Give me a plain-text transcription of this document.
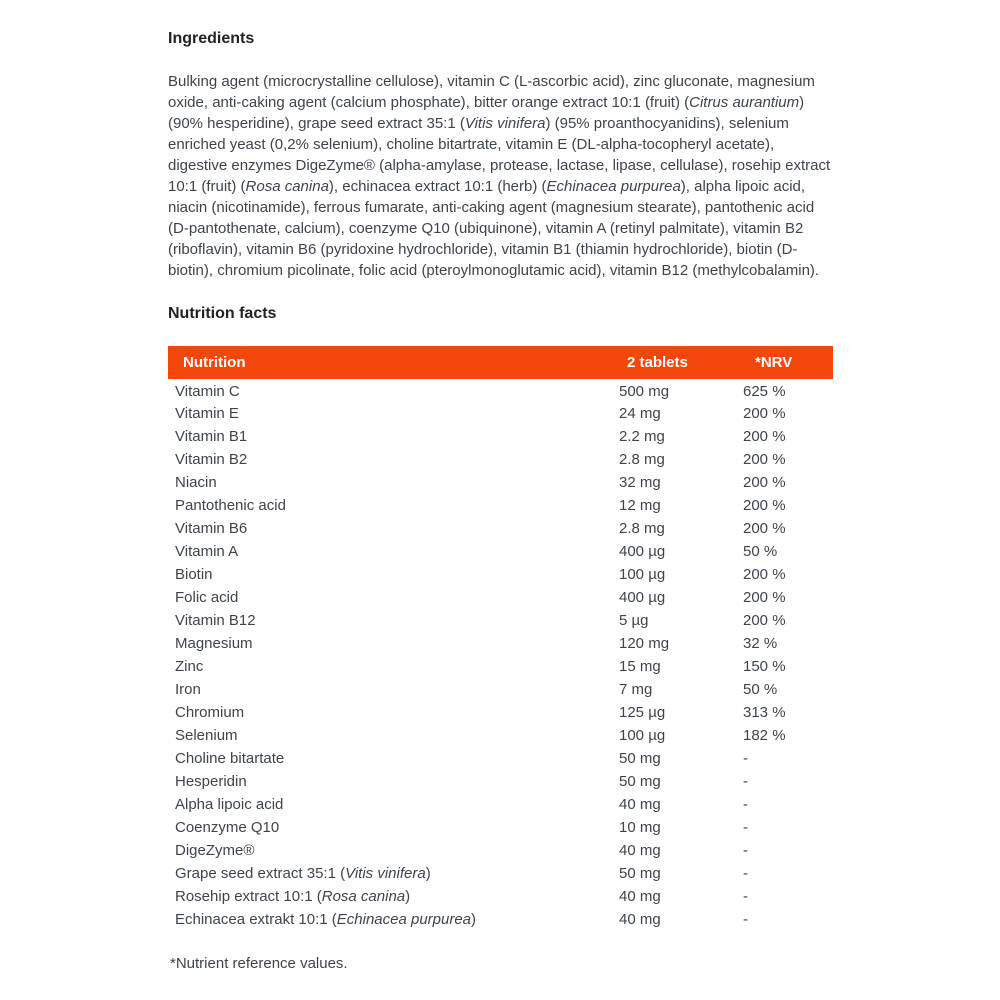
Ingredients

Bulking agent (microcrystalline cellulose), vitamin C (L-ascorbic acid), zinc gluconate, magnesium oxide, anti-caking agent (calcium phosphate), bitter orange extract 10:1 (fruit) (Citrus aurantium) (90% hesperidine), grape seed extract 35:1 (Vitis vinifera) (95% proanthocyanidins), selenium enriched yeast (0,2% selenium), choline bitartrate, vitamin E (DL-alpha-tocopheryl acetate), digestive enzymes DigeZyme® (alpha-amylase, protease, lactase, lipase, cellulase), rosehip extract 10:1 (fruit) (Rosa canina), echinacea extract 10:1 (herb) (Echinacea purpurea), alpha lipoic acid, niacin (nicotinamide), ferrous fumarate, anti-caking agent (magnesium stearate), pantothenic acid (D-pantothenate, calcium), coenzyme Q10 (ubiquinone), vitamin A (retinyl palmitate), vitamin B2 (riboflavin), vitamin B6 (pyridoxine hydrochloride), vitamin B1 (thiamin hydrochloride), biotin (D-biotin), chromium picolinate, folic acid (pteroylmonoglutamic acid), vitamin B12 (methylcobalamin).

Nutrition facts
Nutrition	2 tablets	*NRV
Vitamin C	500 mg	625 %
Vitamin E	24 mg	200 %
Vitamin B1	2.2 mg	200 %
Vitamin B2	2.8 mg	200 %
Niacin	32 mg	200 %
Pantothenic acid	12 mg	200 %
Vitamin B6	2.8 mg	200 %
Vitamin A	400 µg	50 %
Biotin	100 µg	200 %
Folic acid	400 µg	200 %
Vitamin B12	5 µg	200 %
Magnesium	120 mg	32 %
Zinc	15 mg	150 %
Iron	7 mg	50 %
Chromium	125 µg	313 %
Selenium	100 µg	182 %
Choline bitartate	50 mg	-
Hesperidin	50 mg	-
Alpha lipoic acid	40 mg	-
Coenzyme Q10	10 mg	-
DigeZyme®	40 mg	-
Grape seed extract 35:1 (Vitis vinifera)	50 mg	-
Rosehip extract 10:1 (Rosa canina)	40 mg	-
Echinacea extrakt 10:1 (Echinacea purpurea)	40 mg	-

*Nutrient reference values.
